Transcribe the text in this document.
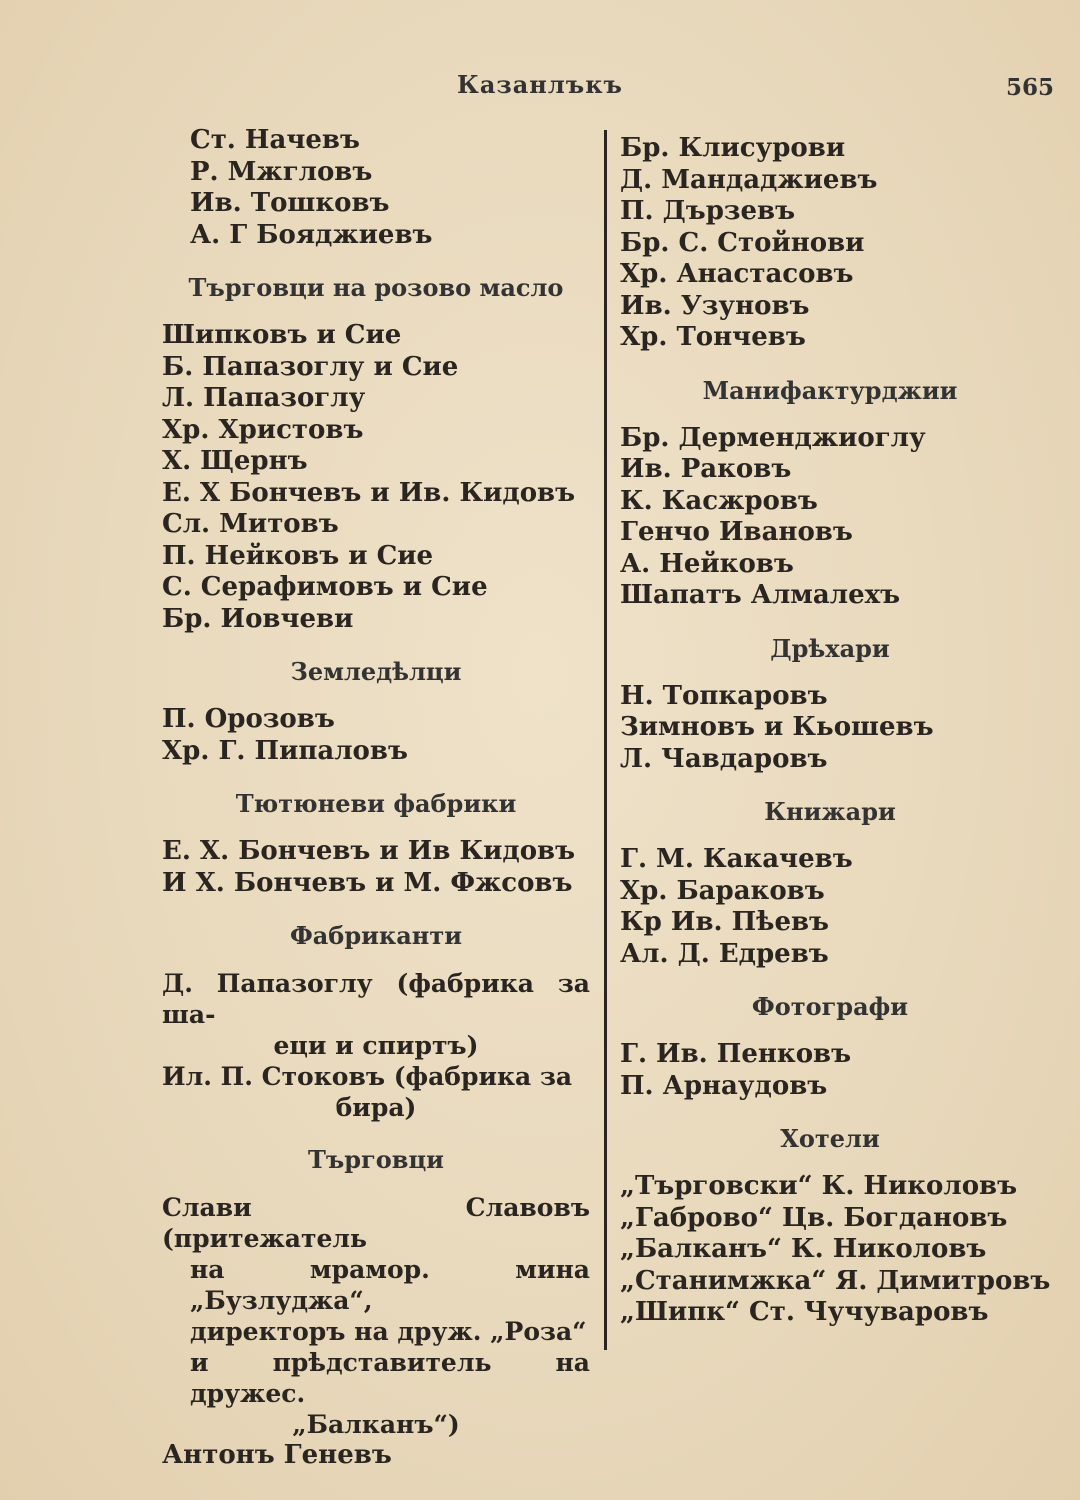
Казанлъкъ	565
Ст. Начевъ
Р. Мжгловъ
Ив. Тошковъ
А. Г Бояджиевъ
Търговци на розово масло
Шипковъ и Сие
Б. Папазоглу и Сие
Л. Папазоглу
Хр. Христовъ
Х. Щернъ
Е. Х Бончевъ и Ив. Кидовъ
Сл. Митовъ
П. Нейковъ и Сие
С. Серафимовъ и Сие
Бр. Иовчеви
Земледѣлци
П. Орозовъ
Хр. Г. Пипаловъ
Тютюневи фабрики
Е. Х. Бончевъ и Ив Кидовъ
И Х. Бончевъ и М. Фжсовъ
Фабриканти
Д. Папазоглу (фабрика за ша-
еци и спиртъ)
Ил. П. Стоковъ (фабрика за
бира)
Търговци
Слави Славовъ (притежатель
на мрамор. мина „Бузлуджа“,
директоръ на друж. „Роза“
и прѣдставитель на дружес.
„Балканъ“)
Антонъ Геневъ
Бр. Клисурови
Д. Мандаджиевъ
П. Дързевъ
Бр. С. Стойнови
Хр. Анастасовъ
Ив. Узуновъ
Хр. Тончевъ
Манифактурджии
Бр. Дерменджиоглу
Ив. Раковъ
К. Касжровъ
Генчо Ивановъ
А. Нейковъ
Шапатъ Алмалехъ
Дрѣхари
Н. Топкаровъ
Зимновъ и Кьошевъ
Л. Чавдаровъ
Книжари
Г. М. Какачевъ
Хр. Бараковъ
Кр Ив. Пѣевъ
Ал. Д. Едревъ
Фотографи
Г. Ив. Пенковъ
П. Арнаудовъ
Хотели
„Търговски“ К. Николовъ
„Габрово“ Цв. Богдановъ
„Балканъ“ К. Николовъ
„Станимжка“ Я. Димитровъ
„Шипк“ Ст. Чучуваровъ
